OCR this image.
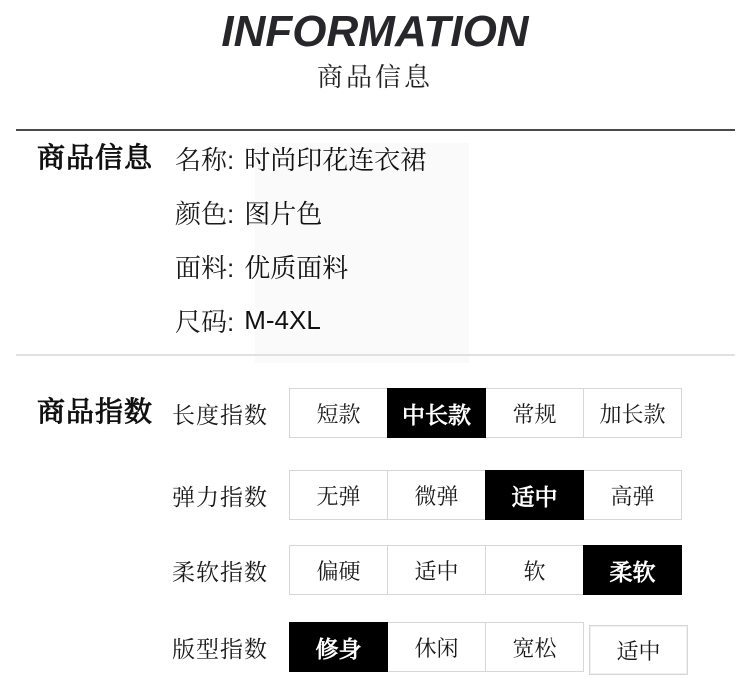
INFORMATION
商品信息
商品信息 名称: 时尚印花连衣裙
颜色: 图片色
面料: 优质面料
尺码: M-4XL
商品指数 长度指数	短款	中长款	常规	加长款
弹力指数	无弹	微弹	适中	高弹
柔软指数	偏硬	适中	软	柔软
版型指数	修身	休闲	宽松	适中
